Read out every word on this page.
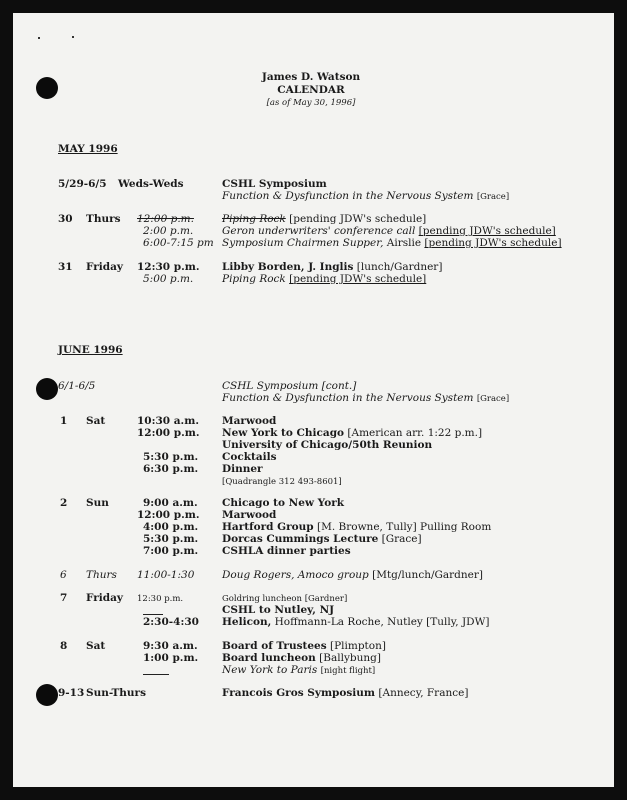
James D. Watson
CALENDAR
[as of May 30, 1996]
MAY 1996
5/29-6/5 Weds-Weds	CSHL Symposium
Function & Dysfunction in the Nervous System [Grace]
30 Thurs 12:00 p.m.	Piping Rock [pending JDW's schedule]
2:00 p.m.	Geron underwriters' conference call [pending JDW's schedule]
6:00-7:15 pm Symposium Chairmen Supper, Airslie [pending JDW's schedule]
31 Friday 12:30 p.m. Libby Borden, J. Inglis [lunch/Gardner]
5:00 p.m.	Piping Rock [pending JDW's schedule]
JUNE 1996
6/1-6/5	CSHL Symposium [cont.]
Function & Dysfunction in the Nervous System [Grace]
1 Sat	10:30 a.m. Marwood
12:00 p.m. New York to Chicago [American arr. 1:22 p.m.]
University of Chicago/50th Reunion
5:30 p.m. Cocktails
6:30 p.m. Dinner
[Quadrangle 312 493-8601]
2 Sun	9:00 a.m. Chicago to New York
12:00 p.m. Marwood
4:00 p.m. Hartford Group [M. Browne, Tully] Pulling Room
5:30 p.m. Dorcas Cummings Lecture [Grace]
7:00 p.m. CSHLA dinner parties
6 Thurs 11:00-1:30	Doug Rogers, Amoco group [Mtg/lunch/Gardner]
7 Friday 12:30 p.m.	Goldring luncheon [Gardner]
CSHL to Nutley, NJ
2:30-4:30 Helicon, Hoffmann-La Roche, Nutley [Tully, JDW]
8 Sat	9:30 a.m. Board of Trustees [Plimpton]
1:00 p.m. Board luncheon [Ballybung]
New York to Paris [night flight]
9-13 Sun-Thurs	Francois Gros Symposium [Annecy, France]
